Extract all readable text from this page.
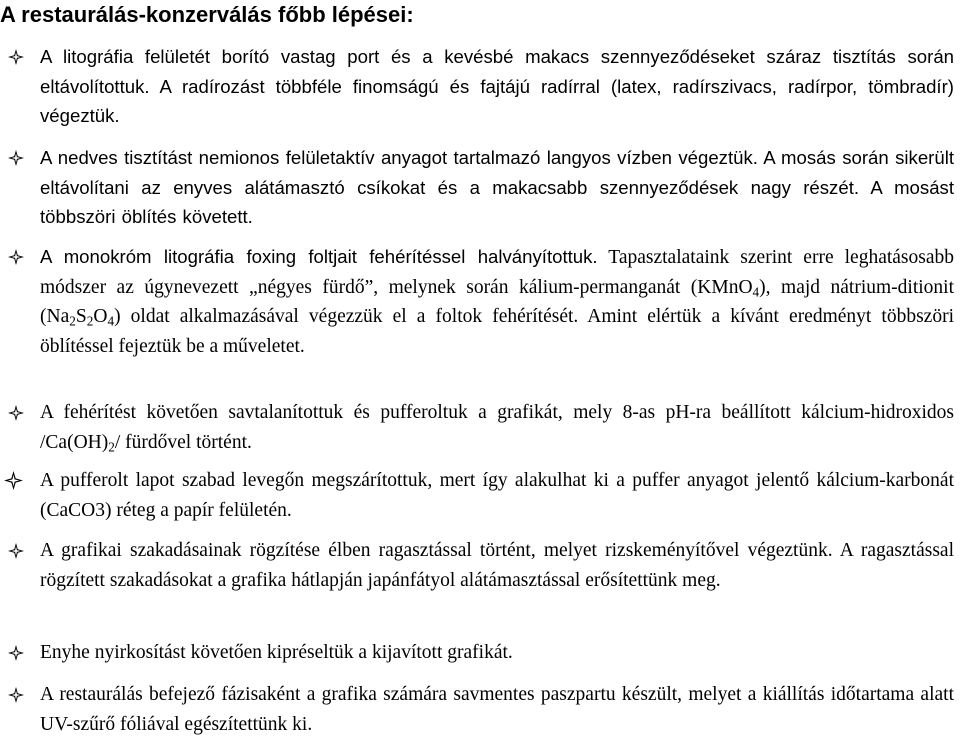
A restaurálás-konzerválás főbb lépései:
A litográfia felületét borító vastag port és a kevésbé makacs szennyeződéseket száraz tisztítás során eltávolítottuk. A radírozást többféle finomságú és fajtájú radírral (latex, radírszivacs, radírpor, tömbradír) végeztük.
A nedves tisztítást nemionos felületaktív anyagot tartalmazó langyos vízben végeztük. A mosás során sikerült eltávolítani az enyves alátámasztó csíkokat és a makacsabb szennyeződések nagy részét. A mosást többszöri öblítés követett.
A monokróm litográfia foxing foltjait fehérítéssel halványítottuk. Tapasztalataink szerint erre leghatásosabb módszer az úgynevezett „négyes fürdő”, melynek során kálium-permanganát (KMnO$_4$), majd nátrium-ditionit $(Na_2S_2O_4)$ oldat alkalmazásával végezzük el a foltok fehérítését. Amint elértük a kívánt eredményt többszöri öblítéssel fejeztük be a műveletet.
A fehérítést követően savtalanítottuk és pufferoltuk a grafikát, mely 8-as pH-ra beállított kálcium-hidroxidos $/Ca(OH)_2/$ fürdővel történt.
A pufferolt lapot szabad levegőn megszárítottuk, mert így alakulhat ki a puffer anyagot jelentő kálcium-karbonát (CaCO3) réteg a papír felületén.
A grafikai szakadásainak rögzítése élben ragasztással történt, melyet rizskeményítővel végeztünk. A ragasztással rögzített szakadásokat a grafika hátlapján japánfátyol alátámasztással erősítettünk meg.
Enyhe nyirkosítást követően kipréseltük a kijavított grafikát.
A restaurálás befejező fázisaként a grafika számára savmentes paszpartu készült, melyet a kiállítás időtartama alatt UV-szűrő fóliával egészítettünk ki.
